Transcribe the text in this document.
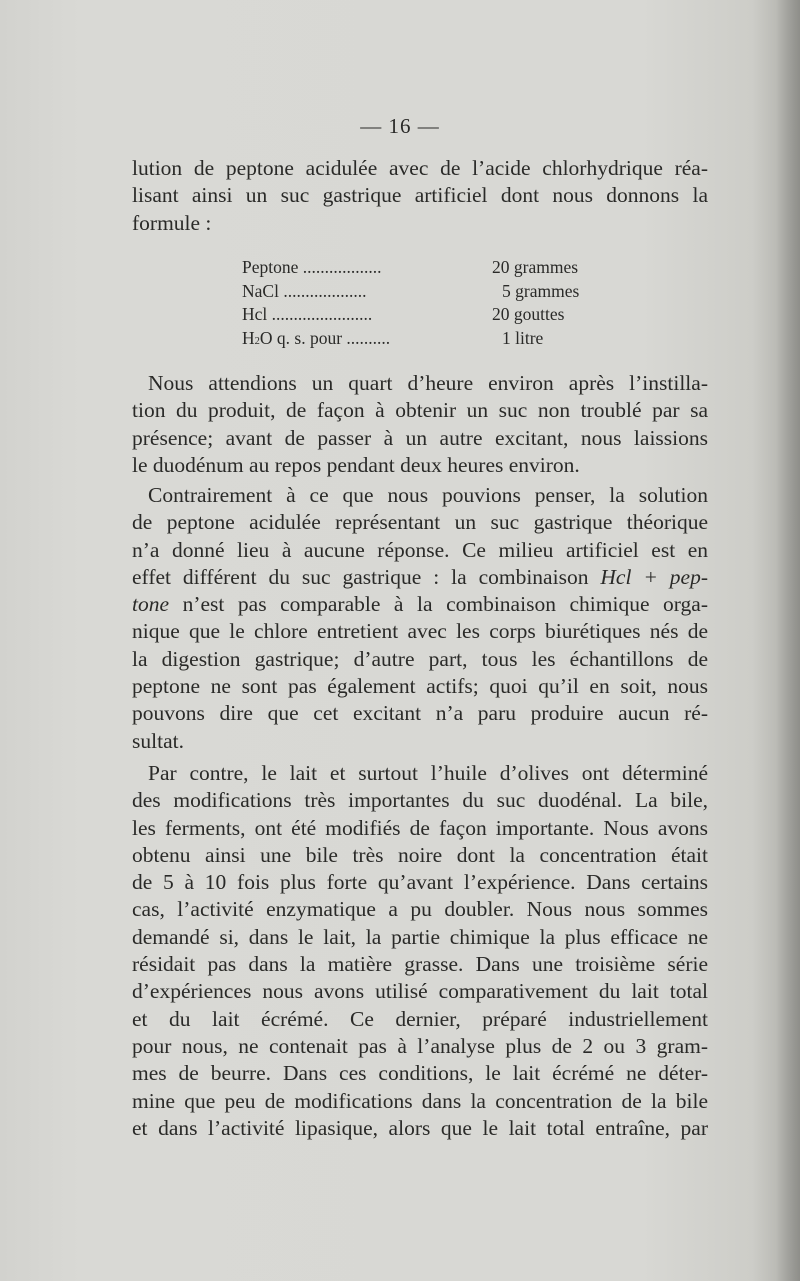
— 16 —
lution de peptone acidulée avec de l’acide chlorhydrique réa-
lisant ainsi un suc gastrique artificiel dont nous donnons la
formule :
Peptone ..................	20 grammes
NaCl ...................	5 grammes
Hcl .......................	20 gouttes
$H^2O$ q. s. pour ..........	1 litre
Nous attendions un quart d’heure environ après l’instilla-
tion du produit, de façon à obtenir un suc non troublé par sa
présence; avant de passer à un autre excitant, nous laissions
le duodénum au repos pendant deux heures environ.
Contrairement à ce que nous pouvions penser, la solution
de peptone acidulée représentant un suc gastrique théorique
n’a donné lieu à aucune réponse. Ce milieu artificiel est en
effet différent du suc gastrique : la combinaison Hcl + pep-
tone n’est pas comparable à la combinaison chimique orga-
nique que le chlore entretient avec les corps biurétiques nés de
la digestion gastrique; d’autre part, tous les échantillons de
peptone ne sont pas également actifs; quoi qu’il en soit, nous
pouvons dire que cet excitant n’a paru produire aucun ré-
sultat.
Par contre, le lait et surtout l’huile d’olives ont déterminé
des modifications très importantes du suc duodénal. La bile,
les ferments, ont été modifiés de façon importante. Nous avons
obtenu ainsi une bile très noire dont la concentration était
de 5 à 10 fois plus forte qu’avant l’expérience. Dans certains
cas, l’activité enzymatique a pu doubler. Nous nous sommes
demandé si, dans le lait, la partie chimique la plus efficace ne
résidait pas dans la matière grasse. Dans une troisième série
d’expériences nous avons utilisé comparativement du lait total
et du lait écrémé. Ce dernier, préparé industriellement
pour nous, ne contenait pas à l’analyse plus de 2 ou 3 gram-
mes de beurre. Dans ces conditions, le lait écrémé ne déter-
mine que peu de modifications dans la concentration de la bile
et dans l’activité lipasique, alors que le lait total entraîne, par
